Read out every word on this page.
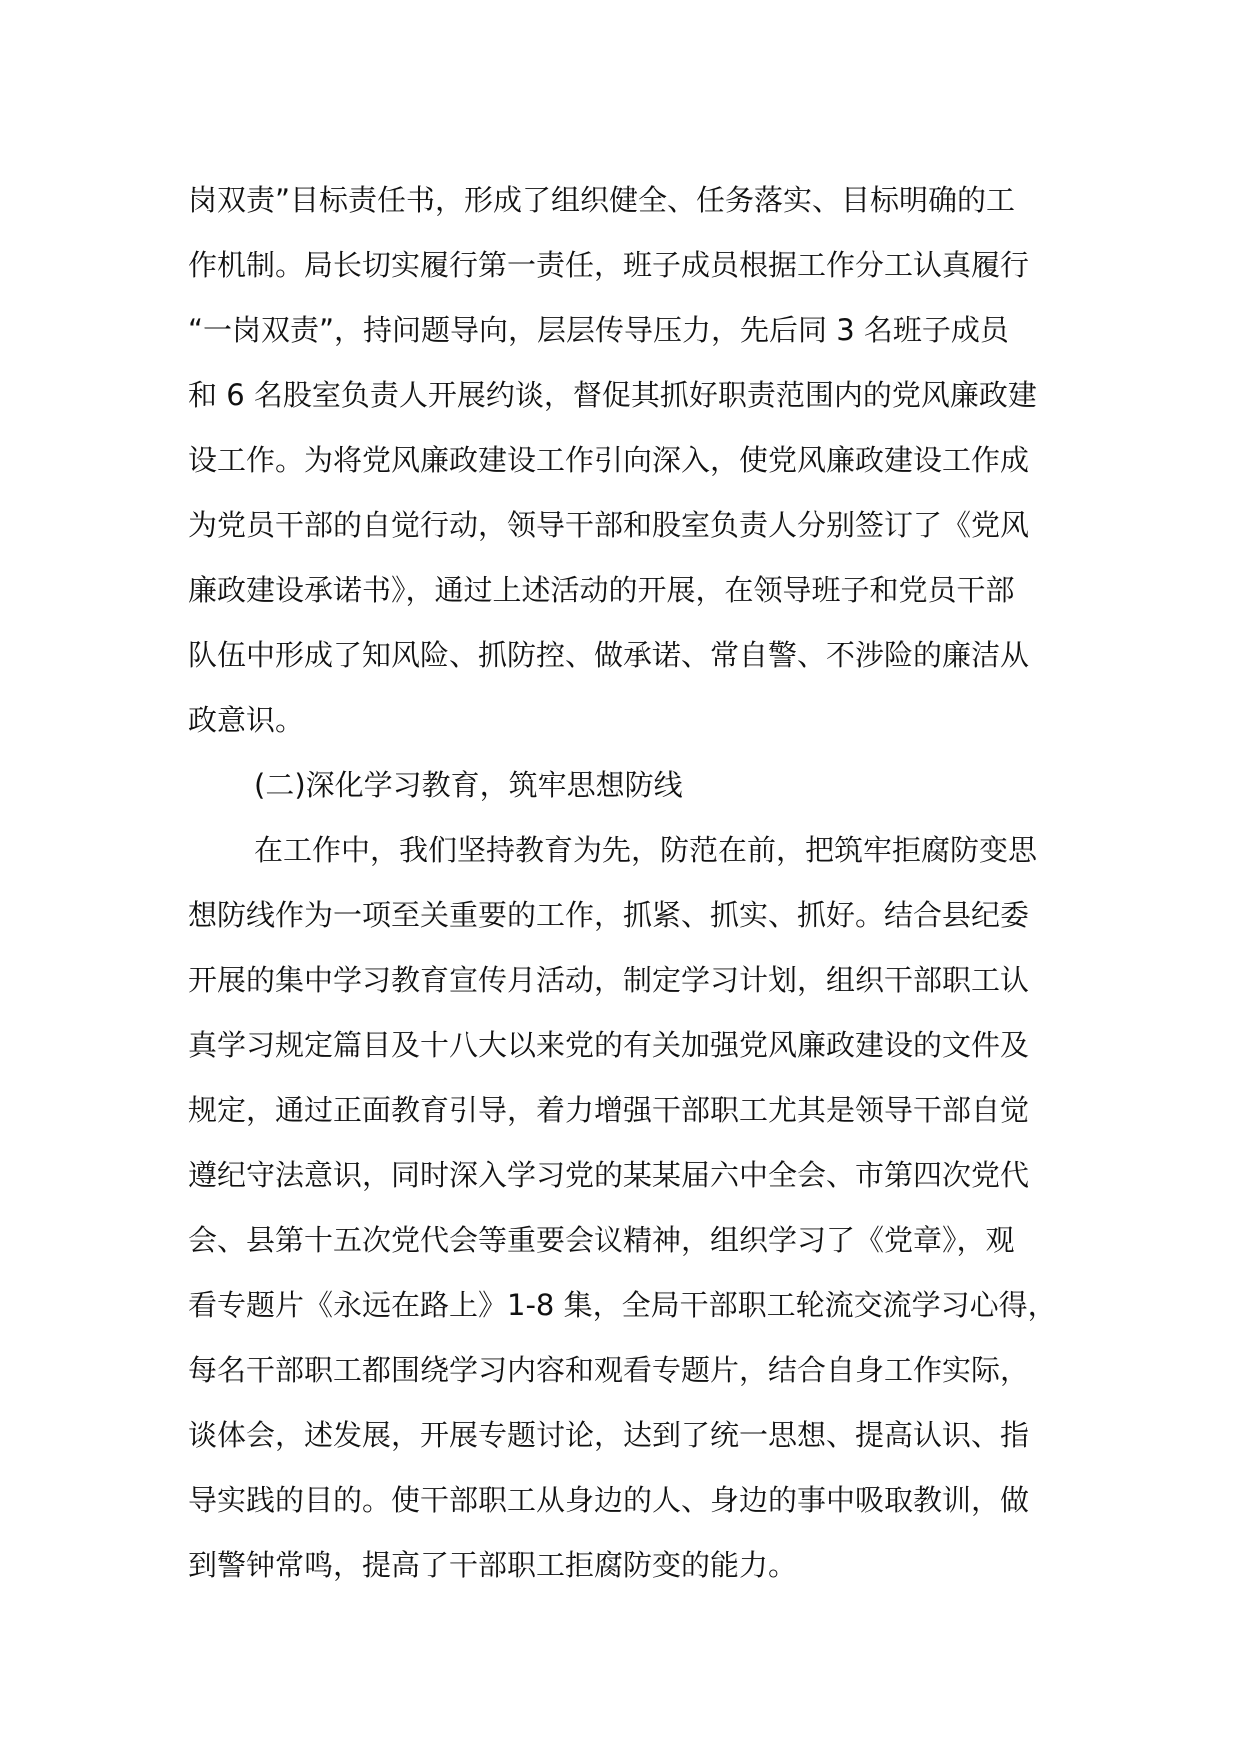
岗双责”目标责任书，形成了组织健全、任务落实、目标明确的工
作机制。局长切实履行第一责任，班子成员根据工作分工认真履行
“一岗双责”，持问题导向，层层传导压力，先后同 3 名班子成员
和 6 名股室负责人开展约谈，督促其抓好职责范围内的党风廉政建
设工作。为将党风廉政建设工作引向深入，使党风廉政建设工作成
为党员干部的自觉行动，领导干部和股室负责人分别签订了《党风
廉政建设承诺书》，通过上述活动的开展，在领导班子和党员干部
队伍中形成了知风险、抓防控、做承诺、常自警、不涉险的廉洁从
政意识。
(二)深化学习教育，筑牢思想防线
在工作中，我们坚持教育为先，防范在前，把筑牢拒腐防变思
想防线作为一项至关重要的工作，抓紧、抓实、抓好。结合县纪委
开展的集中学习教育宣传月活动，制定学习计划，组织干部职工认
真学习规定篇目及十八大以来党的有关加强党风廉政建设的文件及
规定，通过正面教育引导，着力增强干部职工尤其是领导干部自觉
遵纪守法意识，同时深入学习党的某某届六中全会、市第四次党代
会、县第十五次党代会等重要会议精神，组织学习了《党章》，观
看专题片《永远在路上》1-8 集，全局干部职工轮流交流学习心得，
每名干部职工都围绕学习内容和观看专题片，结合自身工作实际，
谈体会，述发展，开展专题讨论，达到了统一思想、提高认识、指
导实践的目的。使干部职工从身边的人、身边的事中吸取教训，做
到警钟常鸣，提高了干部职工拒腐防变的能力。
